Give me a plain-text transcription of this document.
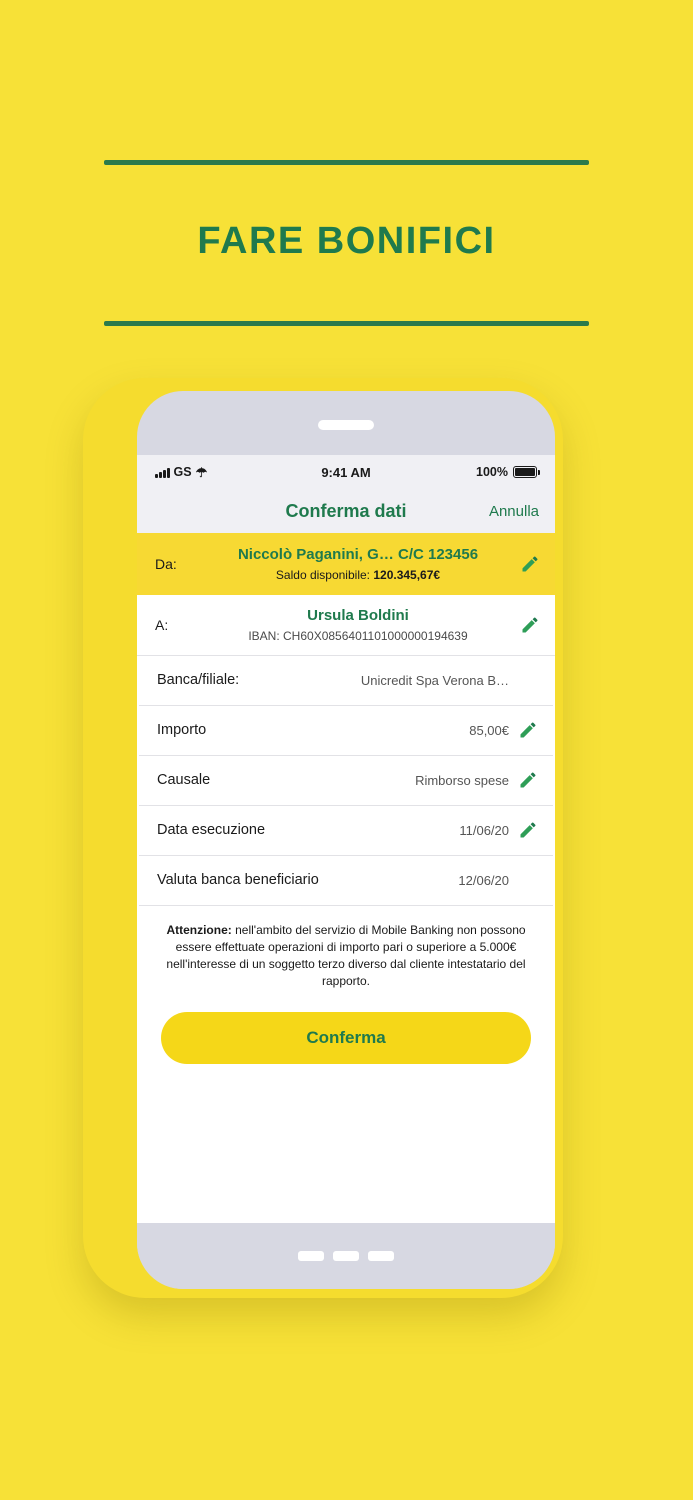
FARE BONIFICI
GS ☂	9:41 AM	100%
Conferma dati	Annulla
Da:
Niccolò Paganini, G… C/C 123456
Saldo disponibile: 120.345,67€
A:
Ursula Boldini
IBAN: CH60X0856401101000000194639
Banca/filiale:	Unicredit Spa Verona B…
Importo	85,00€
Causale	Rimborso spese
Data esecuzione	11/06/20
Valuta banca beneficiario	12/06/20
Attenzione: nell'ambito del servizio di Mobile Banking non possono essere effettuate operazioni di importo pari o superiore a 5.000€ nell'interesse di un soggetto terzo diverso dal cliente intestatario del rapporto.
Conferma
